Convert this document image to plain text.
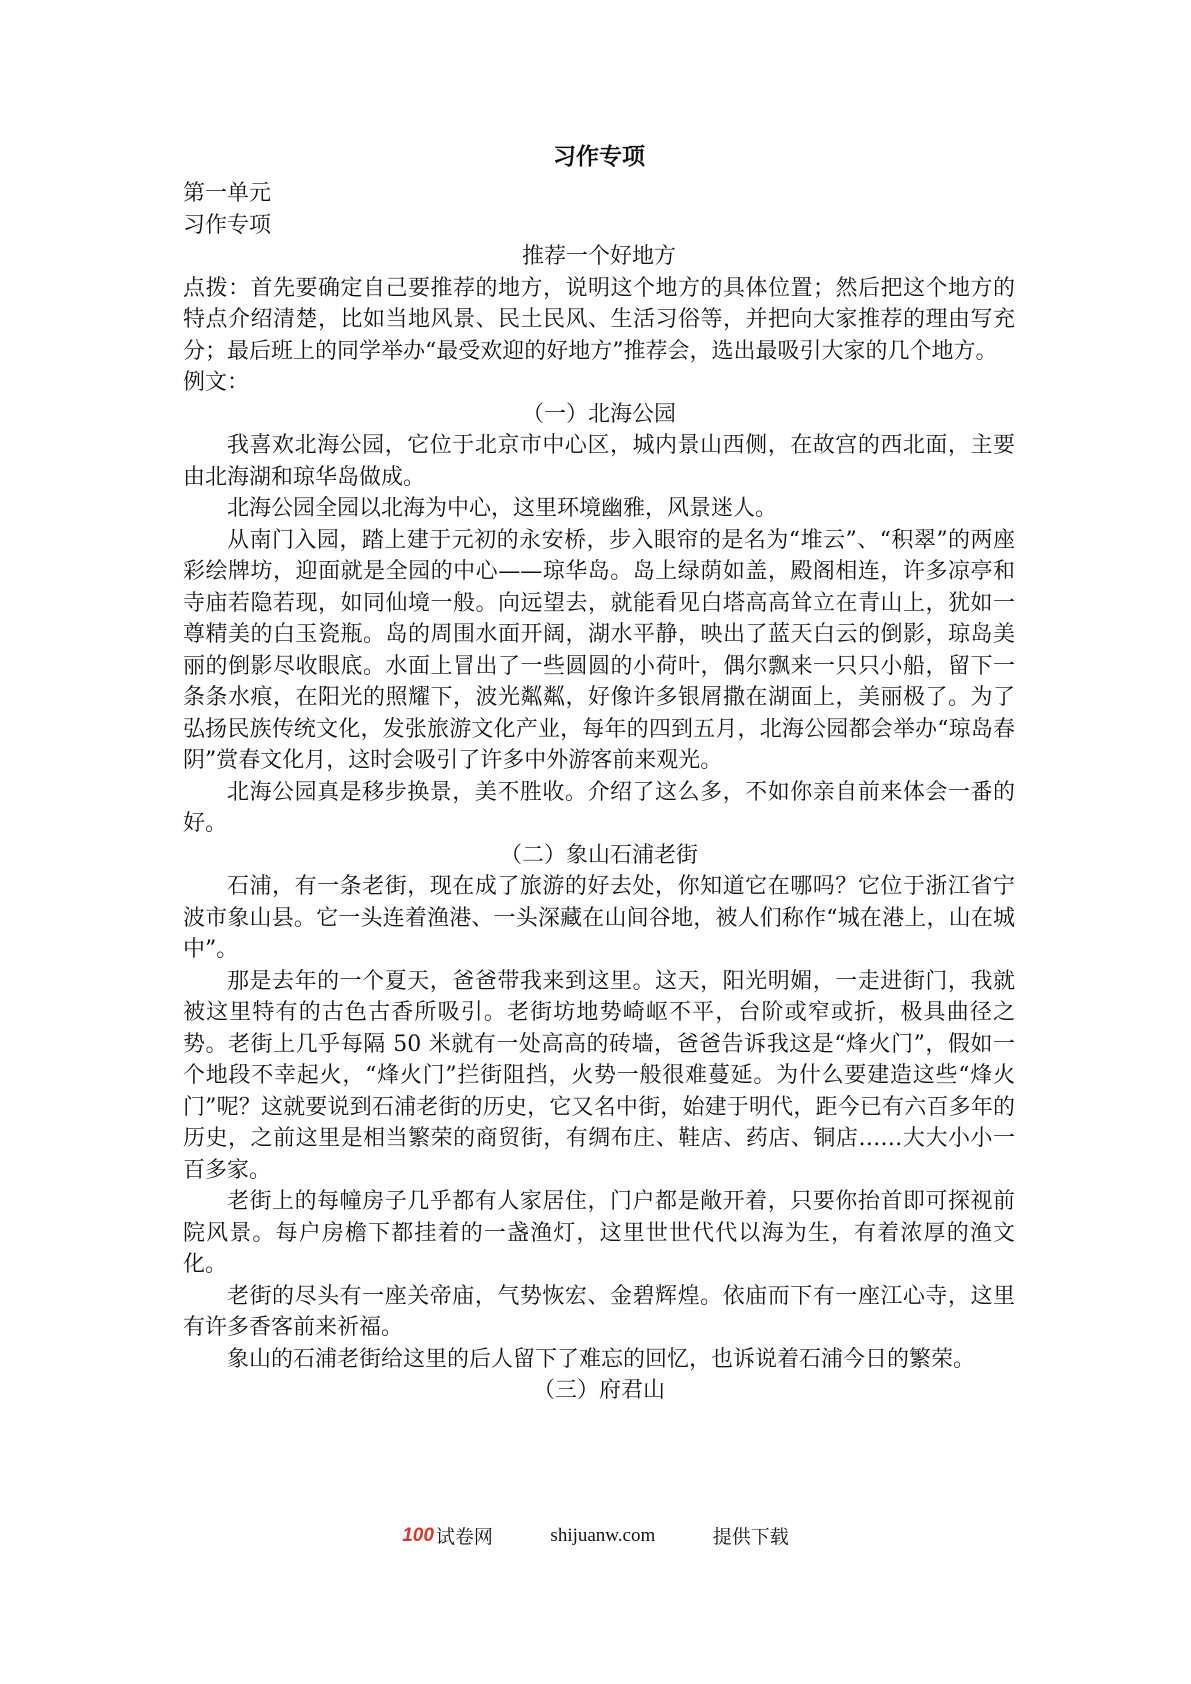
习作专项

第一单元

习作专项

推荐一个好地方

点拨：首先要确定自己要推荐的地方，说明这个地方的具体位置；然后把这个地方的特点介绍清楚，比如当地风景、民土民风、生活习俗等，并把向大家推荐的理由写充分；最后班上的同学举办“最受欢迎的好地方”推荐会，选出最吸引大家的几个地方。

例文：

（一）北海公园

我喜欢北海公园，它位于北京市中心区，城内景山西侧，在故宫的西北面，主要由北海湖和琼华岛做成。

北海公园全园以北海为中心，这里环境幽雅，风景迷人。

从南门入园，踏上建于元初的永安桥，步入眼帘的是名为“堆云”、“积翠”的两座彩绘牌坊，迎面就是全园的中心——琼华岛。岛上绿荫如盖，殿阁相连，许多凉亭和寺庙若隐若现，如同仙境一般。向远望去，就能看见白塔高高耸立在青山上，犹如一尊精美的白玉瓷瓶。岛的周围水面开阔，湖水平静，映出了蓝天白云的倒影，琼岛美丽的倒影尽收眼底。水面上冒出了一些圆圆的小荷叶，偶尔飘来一只只小船，留下一条条水痕，在阳光的照耀下，波光粼粼，好像许多银屑撒在湖面上，美丽极了。为了弘扬民族传统文化，发张旅游文化产业，每年的四到五月，北海公园都会举办“琼岛春阴”赏春文化月，这时会吸引了许多中外游客前来观光。

北海公园真是移步换景，美不胜收。介绍了这么多，不如你亲自前来体会一番的好。

（二）象山石浦老街

石浦，有一条老街，现在成了旅游的好去处，你知道它在哪吗？它位于浙江省宁波市象山县。它一头连着渔港、一头深藏在山间谷地，被人们称作“城在港上，山在城中”。

那是去年的一个夏天，爸爸带我来到这里。这天，阳光明媚，一走进街门，我就被这里特有的古色古香所吸引。老街坊地势崎岖不平，台阶或窄或折，极具曲径之势。老街上几乎每隔 50 米就有一处高高的砖墙，爸爸告诉我这是“烽火门”，假如一个地段不幸起火，“烽火门”拦街阻挡，火势一般很难蔓延。为什么要建造这些“烽火门”呢？这就要说到石浦老街的历史，它又名中街，始建于明代，距今已有六百多年的历史，之前这里是相当繁荣的商贸街，有绸布庄、鞋店、药店、铜店……大大小小一百多家。

老街上的每幢房子几乎都有人家居住，门户都是敞开着，只要你抬首即可探视前院风景。每户房檐下都挂着的一盏渔灯，这里世世代代以海为生，有着浓厚的渔文化。

老街的尽头有一座关帝庙，气势恢宏、金碧辉煌。依庙而下有一座江心寺，这里有许多香客前来祈福。

象山的石浦老街给这里的后人留下了难忘的回忆，也诉说着石浦今日的繁荣。

（三）府君山

100 试卷网	shijuanw.com	提供下载
